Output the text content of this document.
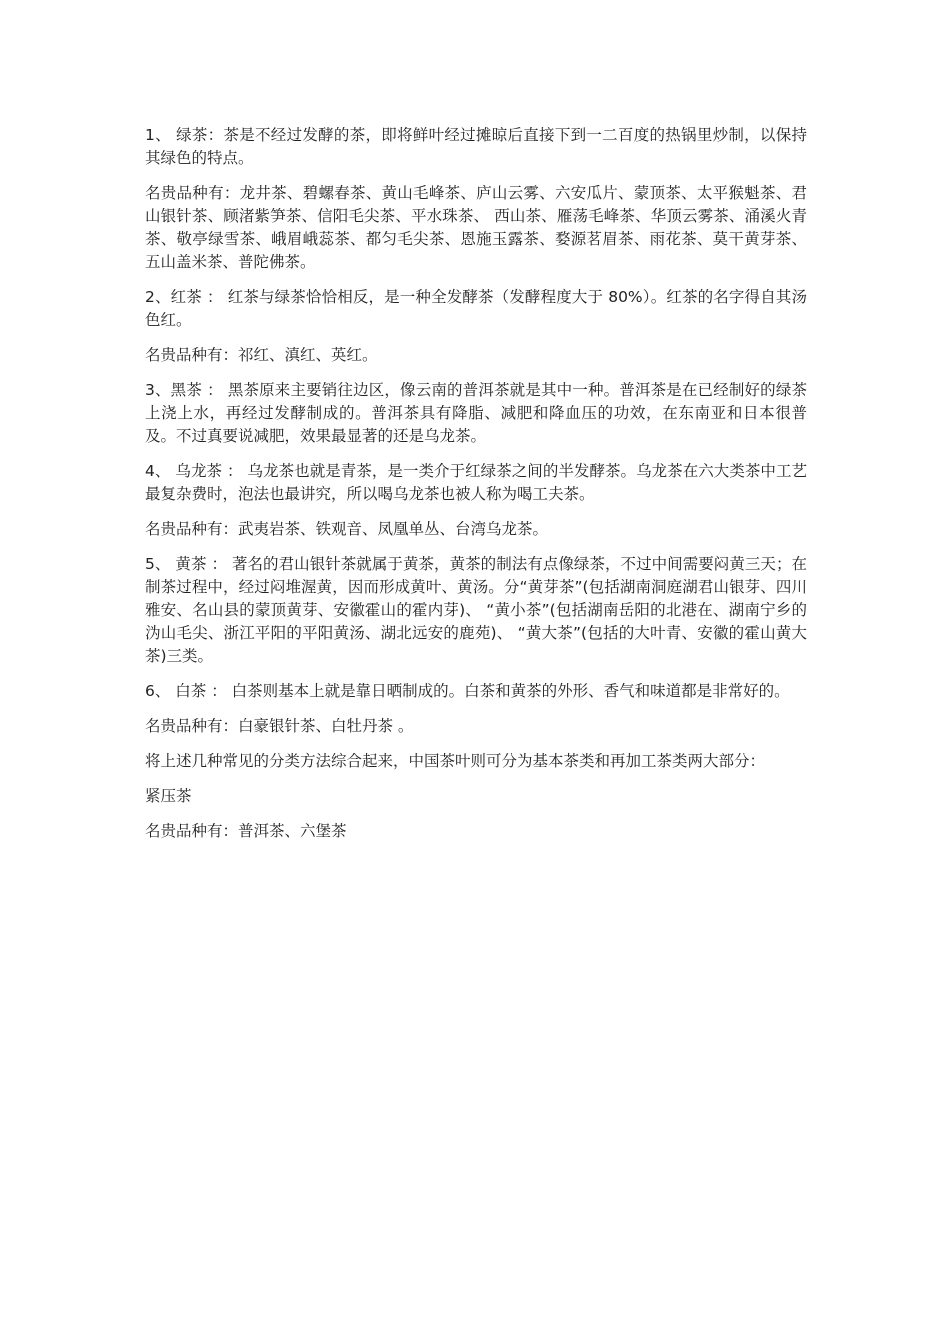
1、 绿茶：茶是不经过发酵的茶，即将鲜叶经过摊晾后直接下到一二百度的热锅里炒制，以保持其绿色的特点。

名贵品种有：龙井茶、碧螺春茶、黄山毛峰茶、庐山云雾、六安瓜片、蒙顶茶、太平猴魁茶、君山银针茶、顾渚紫笋茶、信阳毛尖茶、平水珠茶、 西山茶、雁荡毛峰茶、华顶云雾茶、涌溪火青茶、敬亭绿雪茶、峨眉峨蕊茶、都匀毛尖茶、恩施玉露茶、婺源茗眉茶、雨花茶、莫干黄芽茶、五山盖米茶、普陀佛茶。

2、红茶 ： 红茶与绿茶恰恰相反，是一种全发酵茶（发酵程度大于 80%）。红茶的名字得自其汤色红。

名贵品种有：祁红、滇红、英红。

3、黑茶 ： 黑茶原来主要销往边区，像云南的普洱茶就是其中一种。普洱茶是在已经制好的绿茶上浇上水，再经过发酵制成的。普洱茶具有降脂、减肥和降血压的功效，在东南亚和日本很普及。不过真要说减肥，效果最显著的还是乌龙茶。

4、 乌龙茶 ： 乌龙茶也就是青茶，是一类介于红绿茶之间的半发酵茶。乌龙茶在六大类茶中工艺最复杂费时，泡法也最讲究，所以喝乌龙茶也被人称为喝工夫茶。

名贵品种有：武夷岩茶、铁观音、凤凰单丛、台湾乌龙茶。

5、 黄茶 ： 著名的君山银针茶就属于黄茶，黄茶的制法有点像绿茶，不过中间需要闷黄三天；在制茶过程中，经过闷堆渥黄，因而形成黄叶、黄汤。分“黄芽茶”(包括湖南洞庭湖君山银芽、四川雅安、名山县的蒙顶黄芽、安徽霍山的霍内芽)、 “黄小茶”(包括湖南岳阳的北港在、湖南宁乡的沩山毛尖、浙江平阳的平阳黄汤、湖北远安的鹿苑)、 “黄大茶”(包括的大叶青、安徽的霍山黄大茶)三类。

6、 白茶 ： 白茶则基本上就是靠日晒制成的。白茶和黄茶的外形、香气和味道都是非常好的。

名贵品种有：白豪银针茶、白牡丹茶 。

将上述几种常见的分类方法综合起来，中国茶叶则可分为基本茶类和再加工茶类两大部分：

紧压茶

名贵品种有：普洱茶、六堡茶
